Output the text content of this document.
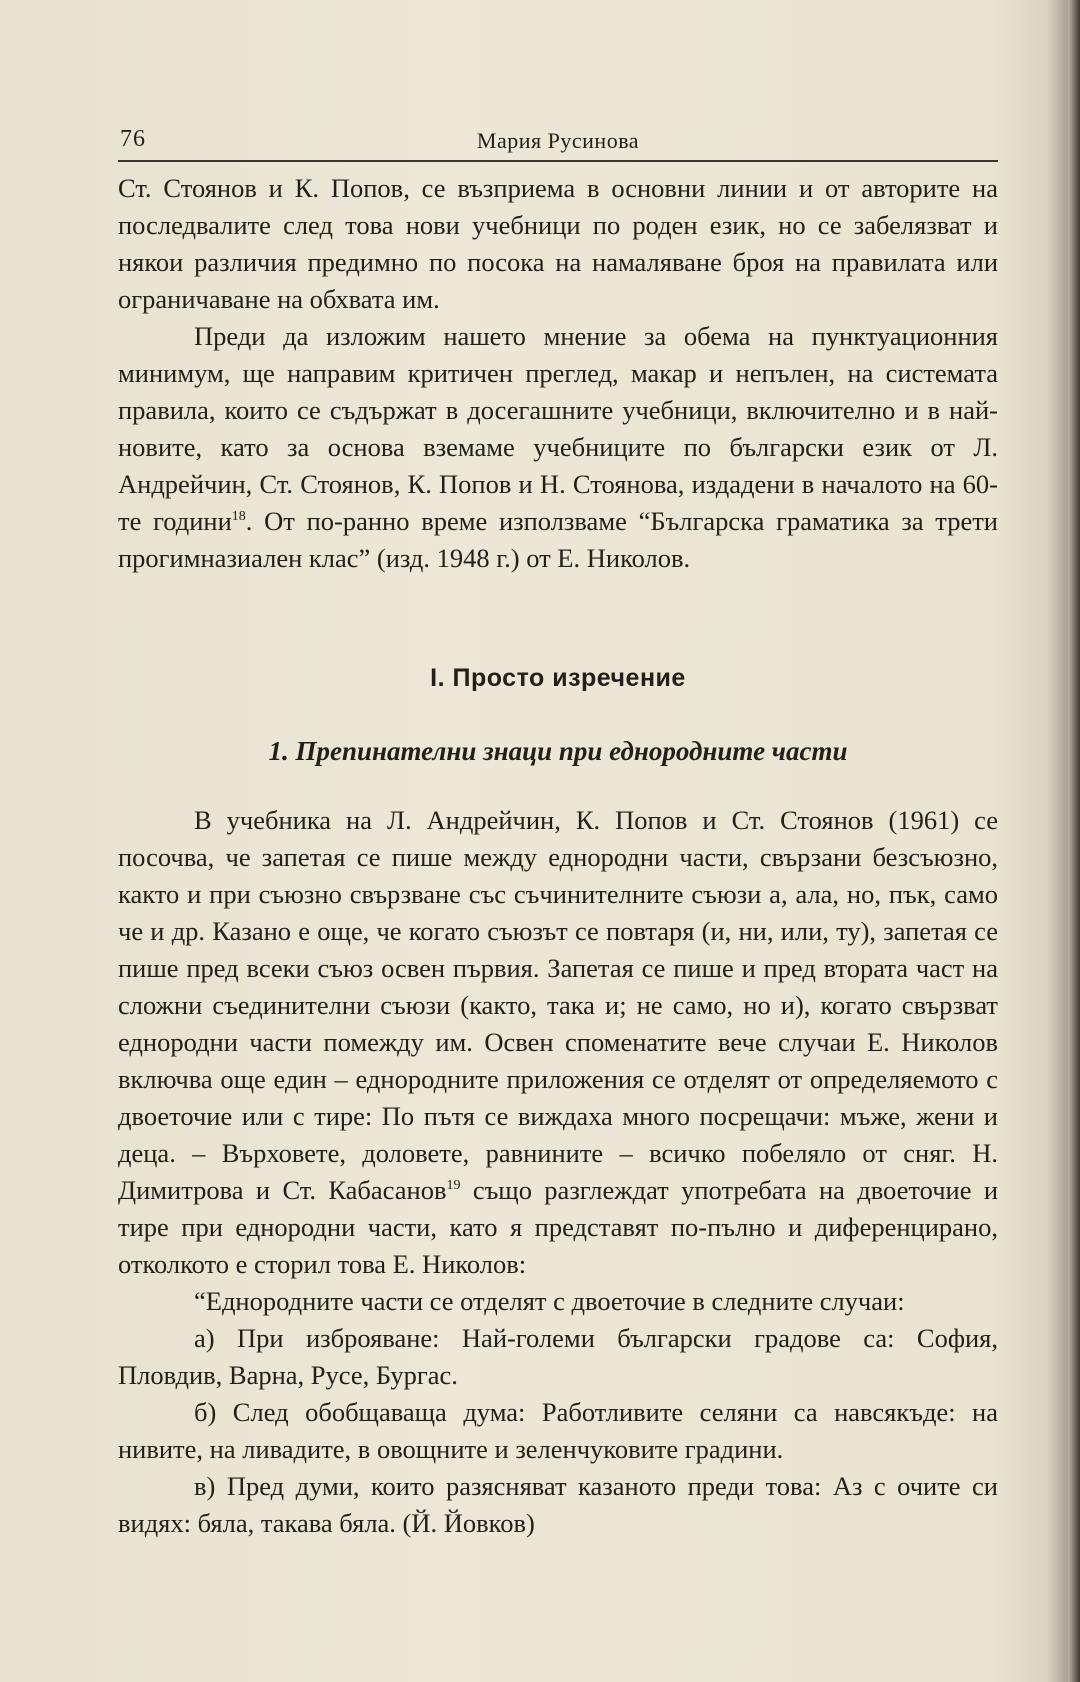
76	Мария Русинова

Ст. Стоянов и К. Попов, се възприема в основни линии и от авторите на последвалите след това нови учебници по роден език, но се забелязват и някои различия предимно по посока на намаляване броя на правилата или ограничаване на обхвата им.

Преди да изложим нашето мнение за обема на пунктуационния минимум, ще направим критичен преглед, макар и непълен, на системата правила, които се съдържат в досегашните учебници, включително и в най-новите, като за основа вземаме учебниците по български език от Л. Андрейчин, Ст. Стоянов, К. Попов и Н. Стоянова, издадени в началото на 60-те години$^{18}$. От по-ранно време използваме “Българска граматика за трети прогимназиален клас” (изд. 1948 г.) от Е. Николов.

I. Просто изречение
1. Препинателни знаци при еднородните части

В учебника на Л. Андрейчин, К. Попов и Ст. Стоянов (1961) се посочва, че запетая се пише между еднородни части, свързани безсъюзно, както и при съюзно свързване със съчинителните съюзи а, ала, но, пък, само че и др. Казано е още, че когато съюзът се повтаря (и, ни, или, ту), запетая се пише пред всеки съюз освен първия. Запетая се пише и пред втората част на сложни съединителни съюзи (както, така и; не само, но и), когато свързват еднородни части помежду им. Освен споменатите вече случаи Е. Николов включва още един – еднородните приложения се отделят от определяемото с двоеточие или с тире: По пътя се виждаха много посрещачи: мъже, жени и деца. – Върховете, доловете, равнините – всичко побеляло от сняг. Н. Димитрова и Ст. Кабасанов$^{19}$ също разглеждат употребата на двоеточие и тире при еднородни части, като я представят по-пълно и диференцирано, отколкото е сторил това Е. Николов:

“Еднородните части се отделят с двоеточие в следните случаи:

а) При изброяване: Най-големи български градове са: София, Пловдив, Варна, Русе, Бургас.

б) След обобщаваща дума: Работливите селяни са навсякъде: на нивите, на ливадите, в овощните и зеленчуковите градини.

в) Пред думи, които разясняват казаното преди това: Аз с очите си видях: бяла, такава бяла. (Й. Йовков)
